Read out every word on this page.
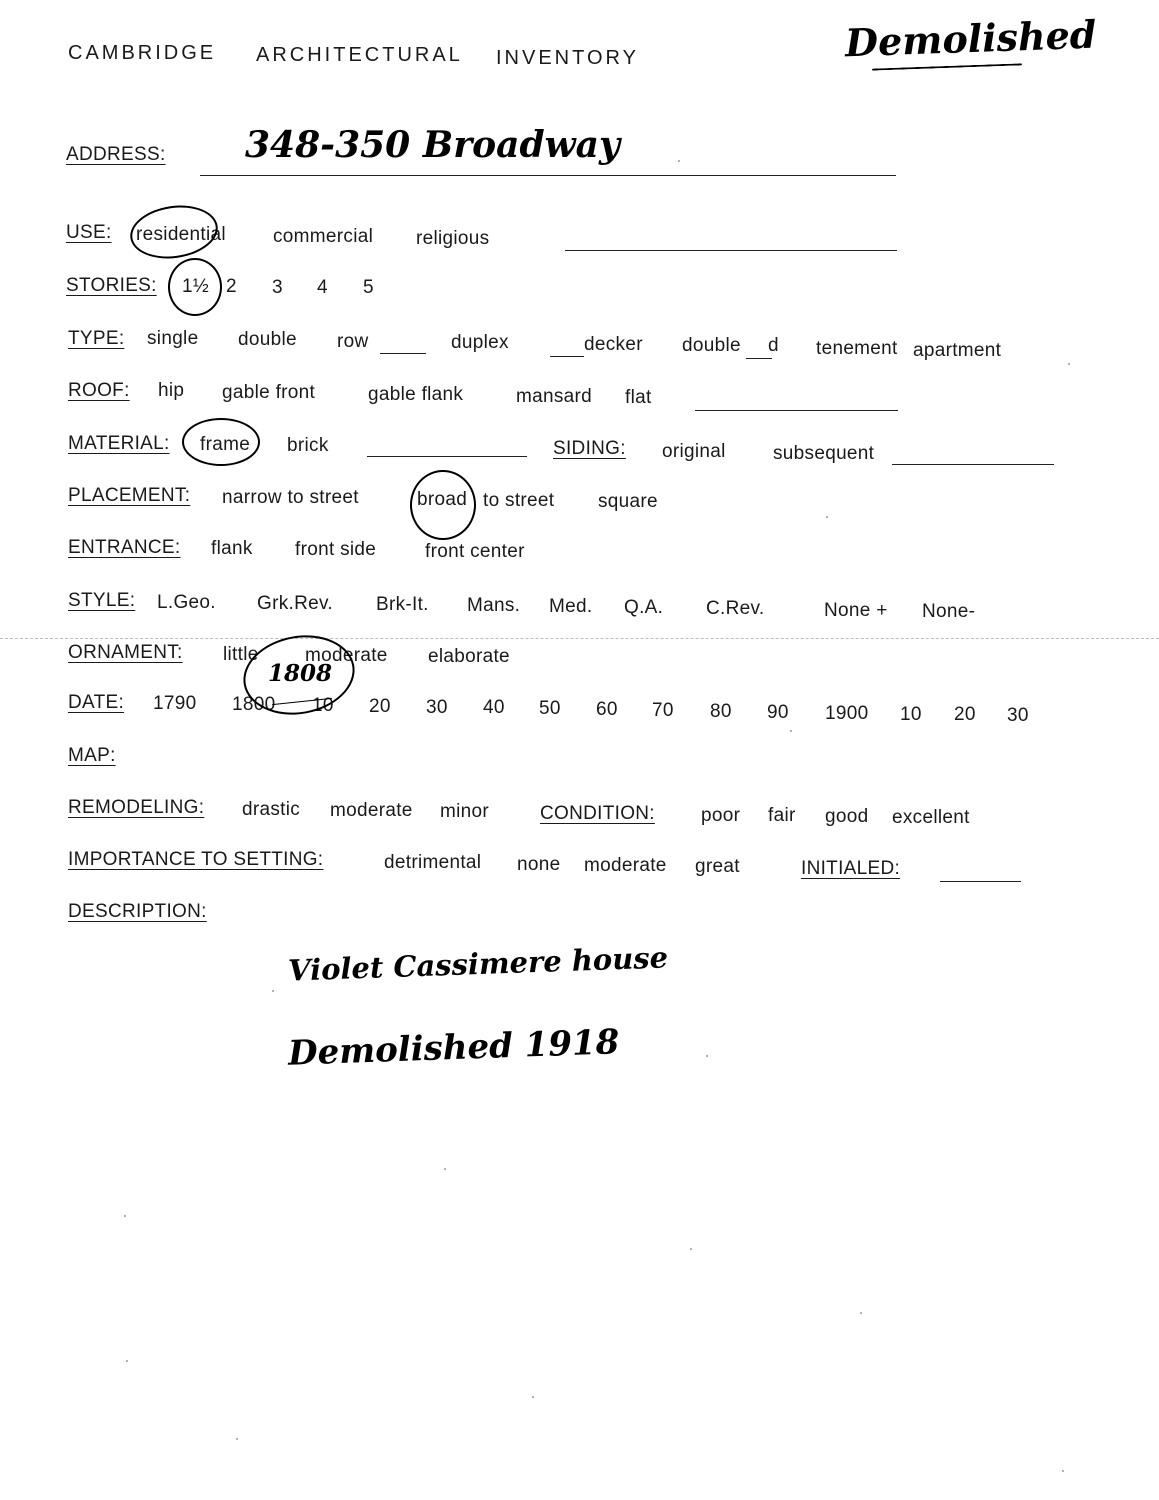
CAMBRIDGE ARCHITECTURAL INVENTORY	Demolished
ADDRESS: 348-350 Broadway
USE: residential commercial religious
STORIES: 1½ 2 3 4 5
TYPE: single double row	duplex	decker double d tenement apartment
ROOF: hip gable front	gable flank	mansard flat
MATERIAL: frame brick	SIDING: original subsequent
PLACEMENT: narrow to street	broad to street square
ENTRANCE: flank front side	front center
STYLE: L.Geo. Grk.Rev. Brk-It. Mans. Med. Q.A. C.Rev.	None + None-
ORNAMENT: little moderate elaborate
DATE: 1790 1800 10 20 30 40 50 60 70 80 90 1900 10 20 30
1808
MAP:
REMODELING: drastic moderate minor	CONDITION: poor fair good excellent
IMPORTANCE TO SETTING:	detrimental none moderate great	INITIALED:
DESCRIPTION:
Violet Cassimere house
Demolished 1918
